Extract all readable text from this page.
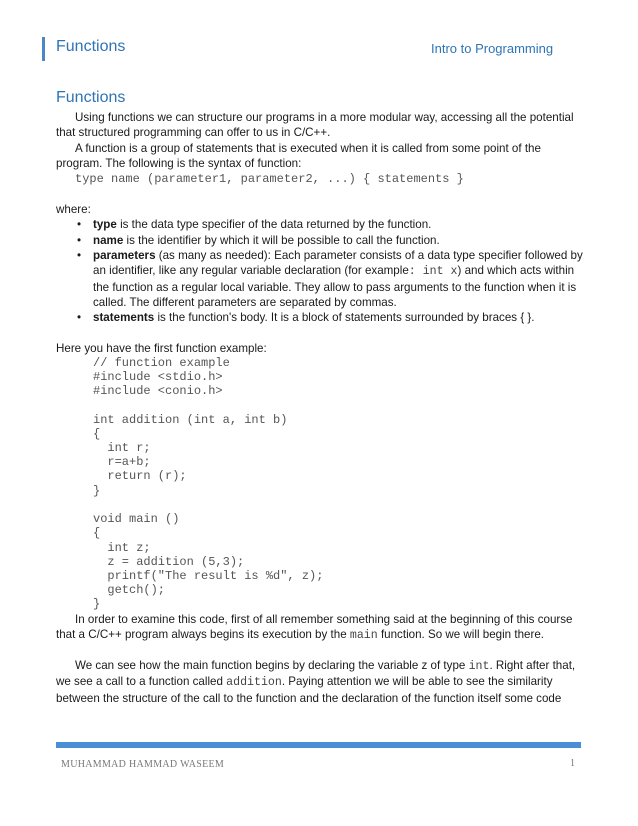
Functions	Intro to Programming
Functions

Using functions we can structure our programs in a more modular way, accessing all the potential that structured programming can offer to us in C/C++.

A function is a group of statements that is executed when it is called from some point of the program. The following is the syntax of function:

type name (parameter1, parameter2, ...) { statements }

where:

• type is the data type specifier of the data returned by the function.
• name is the identifier by which it will be possible to call the function.
• parameters (as many as needed): Each parameter consists of a data type specifier followed by an identifier, like any regular variable declaration (for example: int x) and which acts within the function as a regular local variable. They allow to pass arguments to the function when it is called. The different parameters are separated by commas.
• statements is the function's body. It is a block of statements surrounded by braces { }.

Here you have the first function example:

// function example
#include <stdio.h>
#include <conio.h>

int addition (int a, int b)
{
int r;
r=a+b;
return (r);
}

void main ()
{
int z;
z = addition (5,3);
printf("The result is %d", z);
getch();
}

In order to examine this code, first of all remember something said at the beginning of this course that a C/C++ program always begins its execution by the main function. So we will begin there.

We can see how the main function begins by declaring the variable z of type int. Right after that, we see a call to a function called addition. Paying attention we will be able to see the similarity between the structure of the call to the function and the declaration of the function itself some code

MUHAMMAD HAMMAD WASEEM	1
